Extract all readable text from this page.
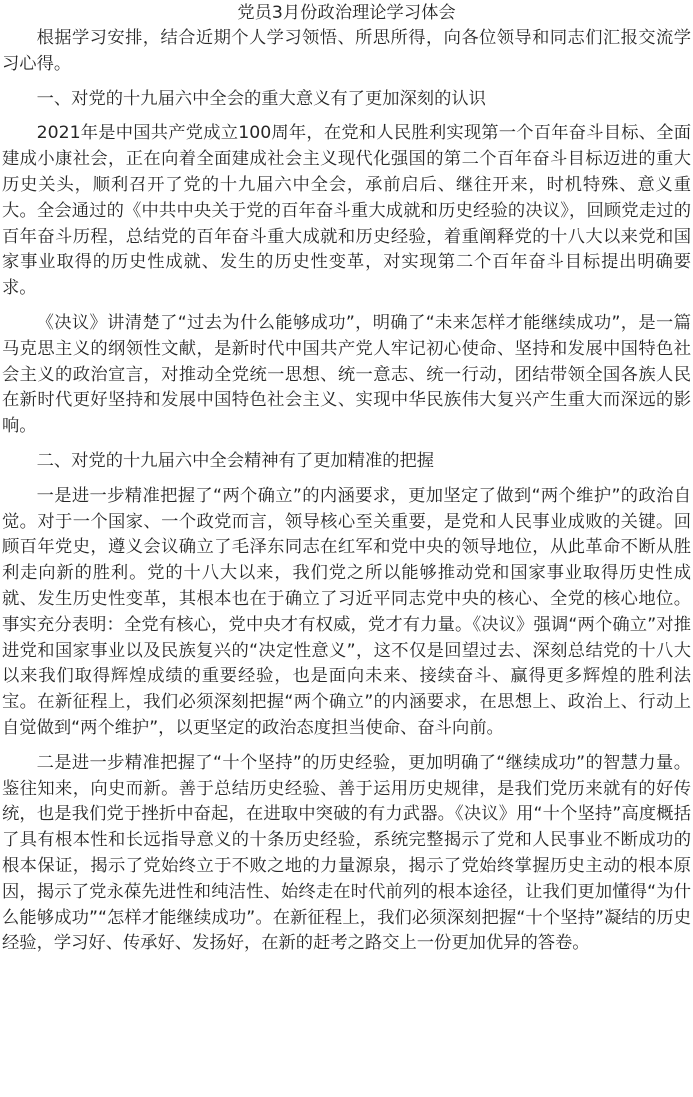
党员3月份政治理论学习体会

根据学习安排，结合近期个人学习领悟、所思所得，向各位领导和同志们汇报交流学习心得。

一、对党的十九届六中全会的重大意义有了更加深刻的认识

2021年是中国共产党成立100周年，在党和人民胜利实现第一个百年奋斗目标、全面建成小康社会，正在向着全面建成社会主义现代化强国的第二个百年奋斗目标迈进的重大历史关头，顺利召开了党的十九届六中全会，承前启后、继往开来，时机特殊、意义重大。全会通过的《中共中央关于党的百年奋斗重大成就和历史经验的决议》，回顾党走过的百年奋斗历程，总结党的百年奋斗重大成就和历史经验，着重阐释党的十八大以来党和国家事业取得的历史性成就、发生的历史性变革，对实现第二个百年奋斗目标提出明确要求。

《决议》讲清楚了“过去为什么能够成功”，明确了“未来怎样才能继续成功”，是一篇马克思主义的纲领性文献，是新时代中国共产党人牢记初心使命、坚持和发展中国特色社会主义的政治宣言，对推动全党统一思想、统一意志、统一行动，团结带领全国各族人民在新时代更好坚持和发展中国特色社会主义、实现中华民族伟大复兴产生重大而深远的影响。

二、对党的十九届六中全会精神有了更加精准的把握

一是进一步精准把握了“两个确立”的内涵要求，更加坚定了做到“两个维护”的政治自觉。对于一个国家、一个政党而言，领导核心至关重要，是党和人民事业成败的关键。回顾百年党史，遵义会议确立了毛泽东同志在红军和党中央的领导地位，从此革命不断从胜利走向新的胜利。党的十八大以来，我们党之所以能够推动党和国家事业取得历史性成就、发生历史性变革，其根本也在于确立了习近平同志党中央的核心、全党的核心地位。事实充分表明：全党有核心，党中央才有权威，党才有力量。《决议》强调“两个确立”对推进党和国家事业以及民族复兴的“决定性意义”，这不仅是回望过去、深刻总结党的十八大以来我们取得辉煌成绩的重要经验，也是面向未来、接续奋斗、赢得更多辉煌的胜利法宝。在新征程上，我们必须深刻把握“两个确立”的内涵要求，在思想上、政治上、行动上自觉做到“两个维护”，以更坚定的政治态度担当使命、奋斗向前。

二是进一步精准把握了“十个坚持”的历史经验，更加明确了“继续成功”的智慧力量。鉴往知来，向史而新。善于总结历史经验、善于运用历史规律，是我们党历来就有的好传统，也是我们党于挫折中奋起，在进取中突破的有力武器。《决议》用“十个坚持”高度概括了具有根本性和长远指导意义的十条历史经验，系统完整揭示了党和人民事业不断成功的根本保证，揭示了党始终立于不败之地的力量源泉，揭示了党始终掌握历史主动的根本原因，揭示了党永葆先进性和纯洁性、始终走在时代前列的根本途径，让我们更加懂得“为什么能够成功”“怎样才能继续成功”。在新征程上，我们必须深刻把握“十个坚持”凝结的历史经验，学习好、传承好、发扬好，在新的赶考之路交上一份更加优异的答卷。
